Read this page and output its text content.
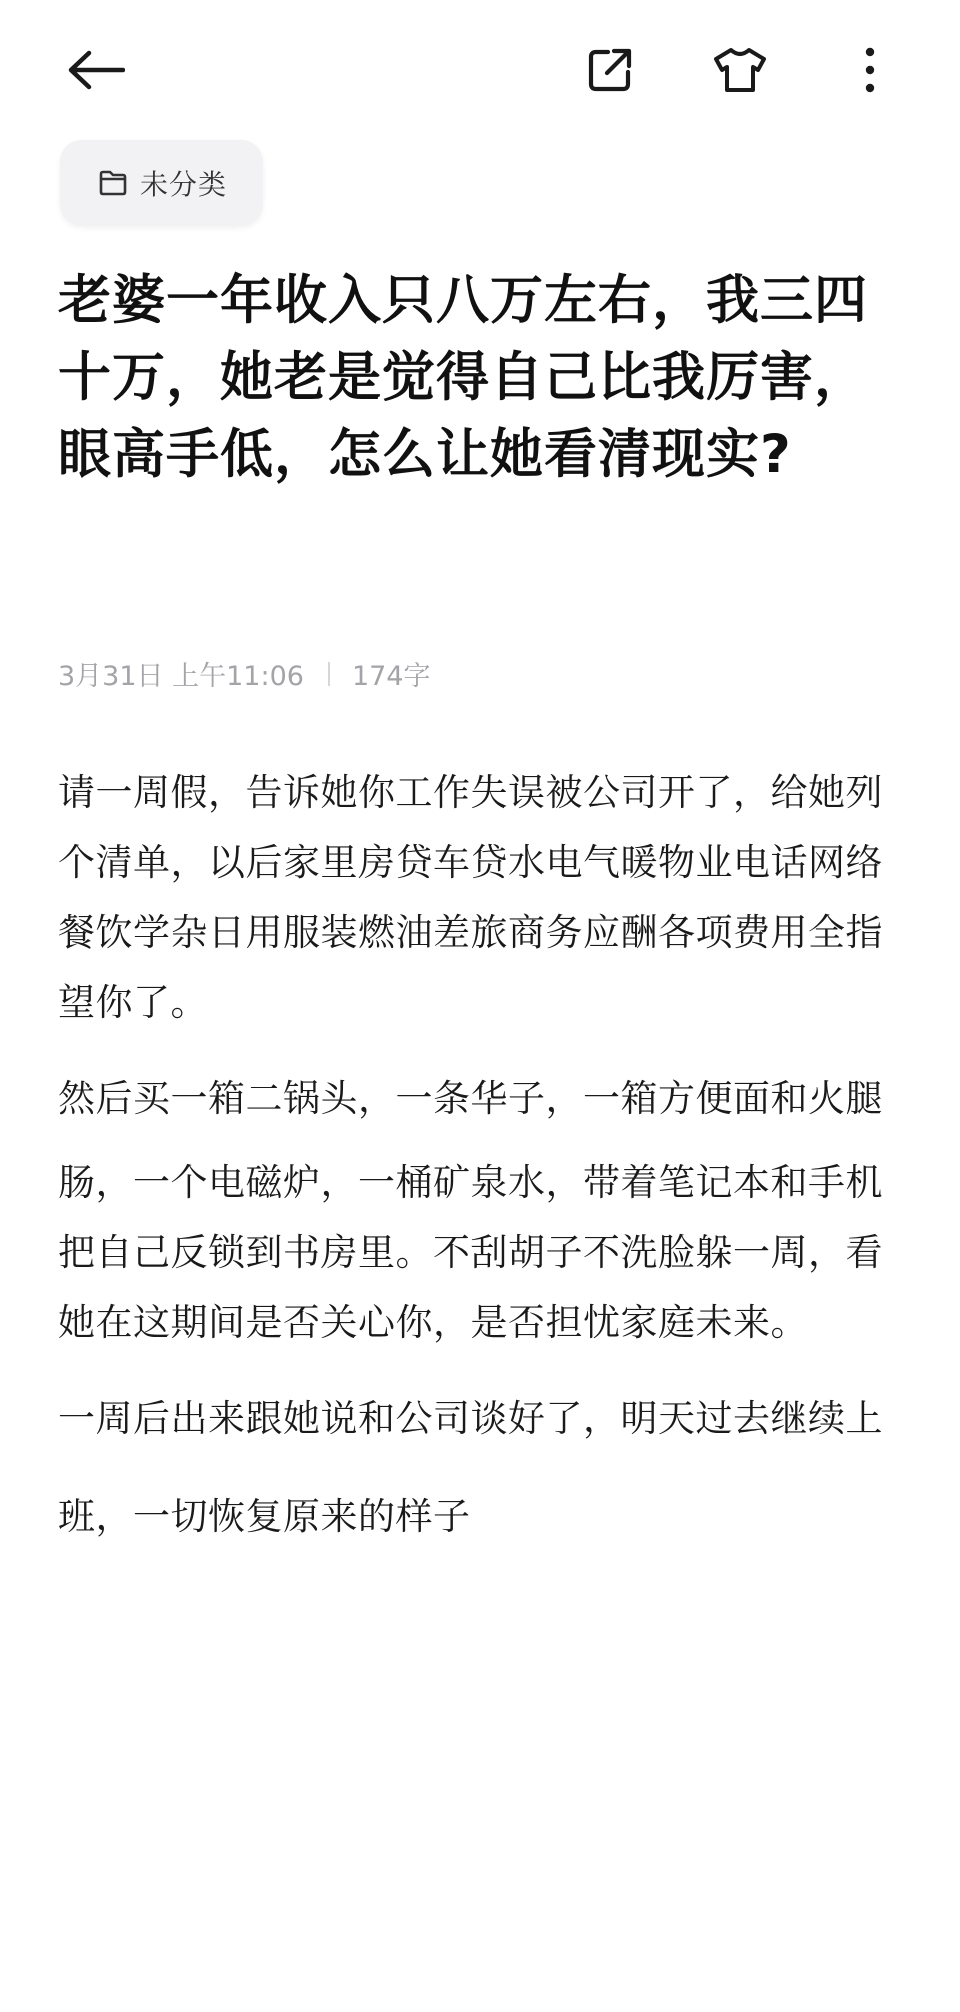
未分类
老婆一年收入只八万左右，我三四十万，她老是觉得自己比我厉害，眼高手低，怎么让她看清现实?
3月31日 上午11:06 174字

请一周假，告诉她你工作失误被公司开了，给她列个清单，以后家里房贷车贷水电气暖物业电话网络餐饮学杂日用服装燃油差旅商务应酬各项费用全指望你了。

然后买一箱二锅头，一条华子，一箱方便面和火腿

肠，一个电磁炉，一桶矿泉水，带着笔记本和手机把自己反锁到书房里。不刮胡子不洗脸躲一周，看她在这期间是否关心你，是否担忧家庭未来。

一周后出来跟她说和公司谈好了，明天过去继续上

班，一切恢复原来的样子
